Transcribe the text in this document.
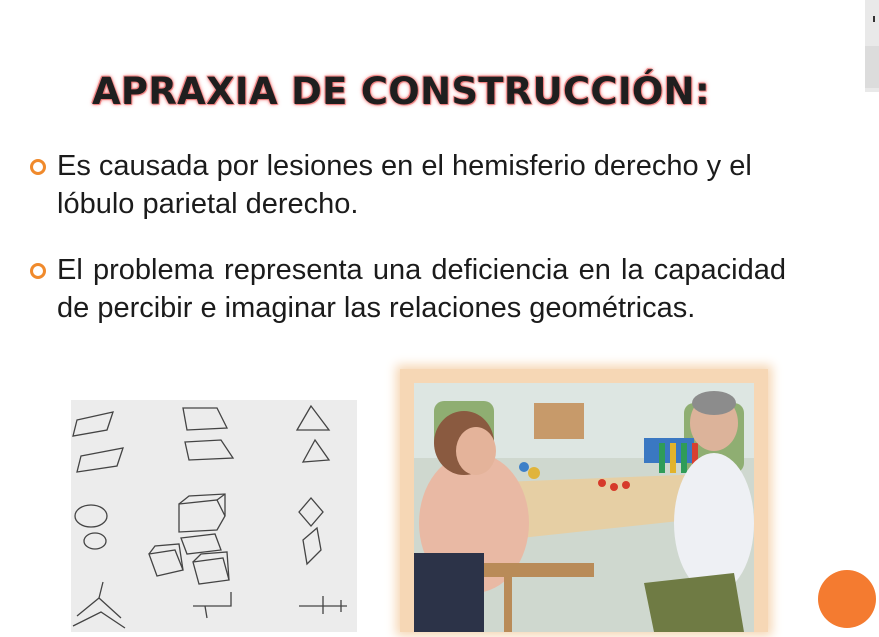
APRAXIA DE CONSTRUCCIÓN:
Es causada por lesiones en el hemisferio derecho y el lóbulo parietal derecho.
El problema representa una deficiencia en la capacidad de percibir e imaginar las relaciones geométricas.
